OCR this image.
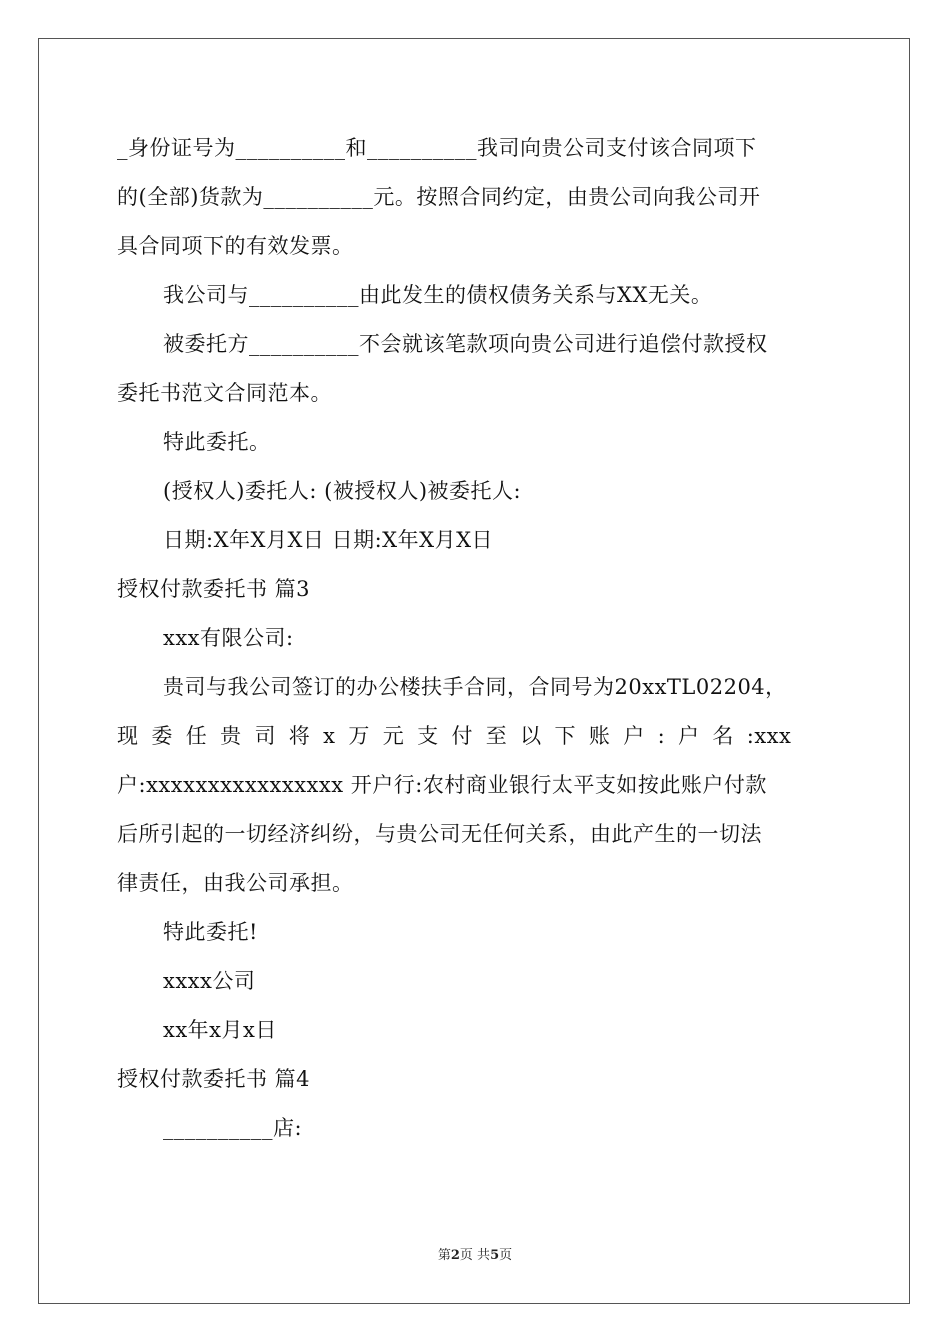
_身份证号为__________和__________我司向贵公司支付该合同项下
的(全部)货款为__________元。按照合同约定，由贵公司向我公司开
具合同项下的有效发票。
我公司与__________由此发生的债权债务关系与XX无关。
被委托方__________不会就该笔款项向贵公司进行追偿付款授权
委托书范文合同范本。
特此委托。
(授权人)委托人: (被授权人)被委托人:
日期:X年X月X日 日期:X年X月X日
授权付款委托书 篇3
xxx有限公司:
贵司与我公司签订的办公楼扶手合同，合同号为20xxTL02204，
现 委 任 贵 司 将 x 万 元 支 付 至 以 下 账 户 : 户 名 :xxx

户:xxxxxxxxxxxxxxxx 开户行:农村商业银行太平支如按此账户付款
后所引起的一切经济纠纷，与贵公司无任何关系，由此产生的一切法
律责任，由我公司承担。
特此委托!
xxxx公司
xx年x月x日
授权付款委托书 篇4
__________店:
第2页 共5页
